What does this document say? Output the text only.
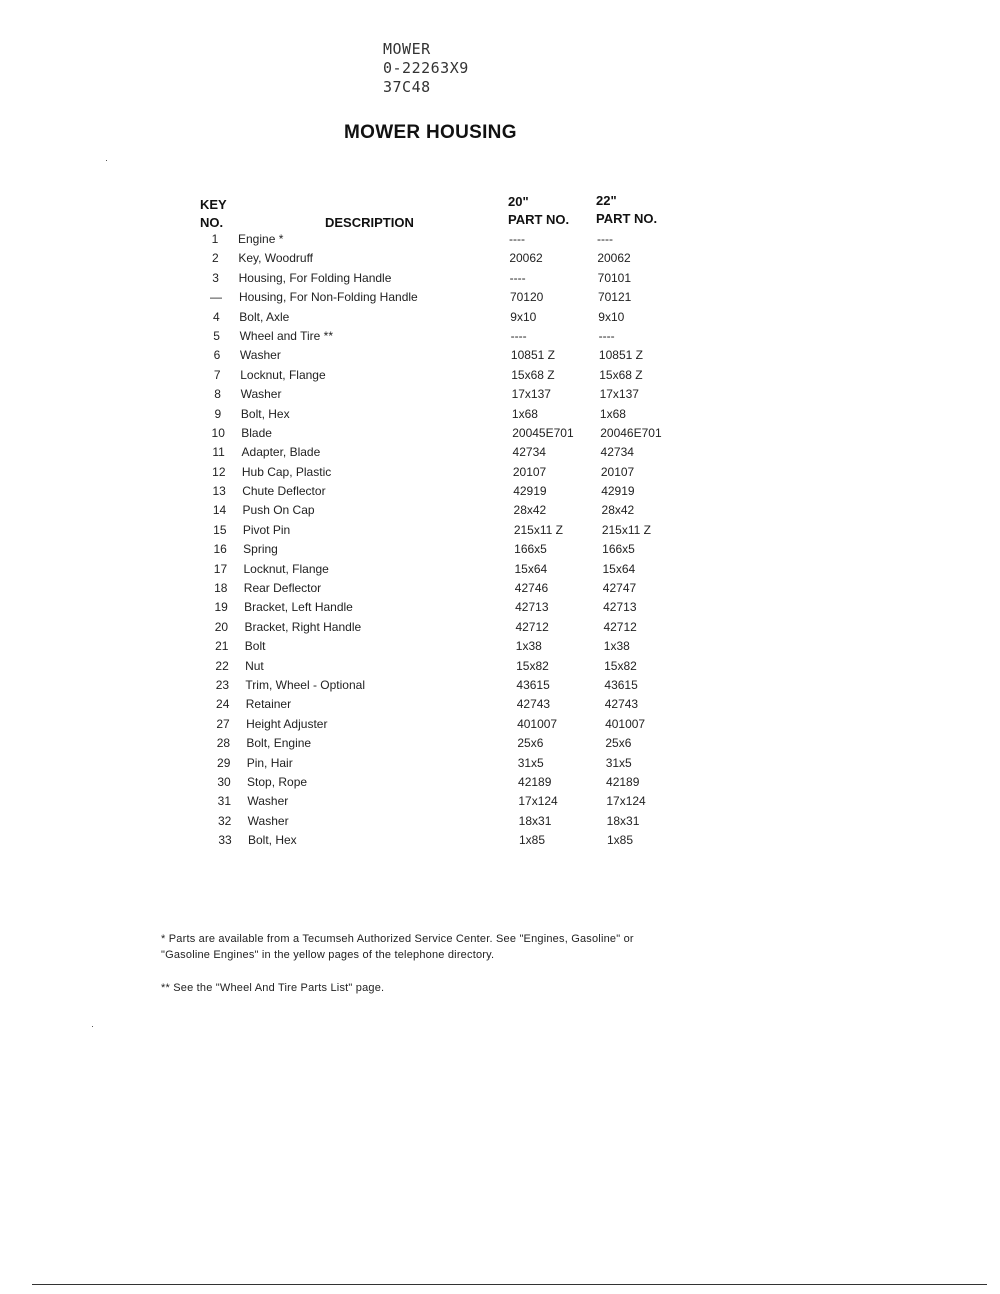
MOWER
0-22263X9
37C48
MOWER HOUSING
KEY
NO.	DESCRIPTION
20"
PART NO.
22"
PART NO.
1	Engine *	----	----
2	Key, Woodruff	20062	20062
3	Housing, For Folding Handle	----	70101
—	Housing, For Non-Folding Handle	70120	70121
4	Bolt, Axle	9x10	9x10
5	Wheel and Tire **	----	----
6	Washer	10851 Z	10851 Z
7	Locknut, Flange	15x68 Z	15x68 Z
8	Washer	17x137	17x137
9	Bolt, Hex	1x68	1x68
10	Blade	20045E701 20046E701
11	Adapter, Blade	42734	42734
12	Hub Cap, Plastic	20107	20107
13	Chute Deflector	42919	42919
14	Push On Cap	28x42	28x42
15	Pivot Pin	215x11 Z	215x11 Z
16	Spring	166x5	166x5
17	Locknut, Flange	15x64	15x64
18	Rear Deflector	42746	42747
19	Bracket, Left Handle	42713	42713
20	Bracket, Right Handle	42712	42712
21	Bolt	1x38	1x38
22	Nut	15x82	15x82
23	Trim, Wheel - Optional	43615	43615
24	Retainer	42743	42743
27	Height Adjuster	401007	401007
28	Bolt, Engine	25x6	25x6
29	Pin, Hair	31x5	31x5
30	Stop, Rope	42189	42189
31	Washer	17x124	17x124
32	Washer	18x31	18x31
33	Bolt, Hex	1x85	1x85
* Parts are available from a Tecumseh Authorized Service Center. See "Engines, Gasoline" or
"Gasoline Engines" in the yellow pages of the telephone directory.
** See the "Wheel And Tire Parts List" page.
